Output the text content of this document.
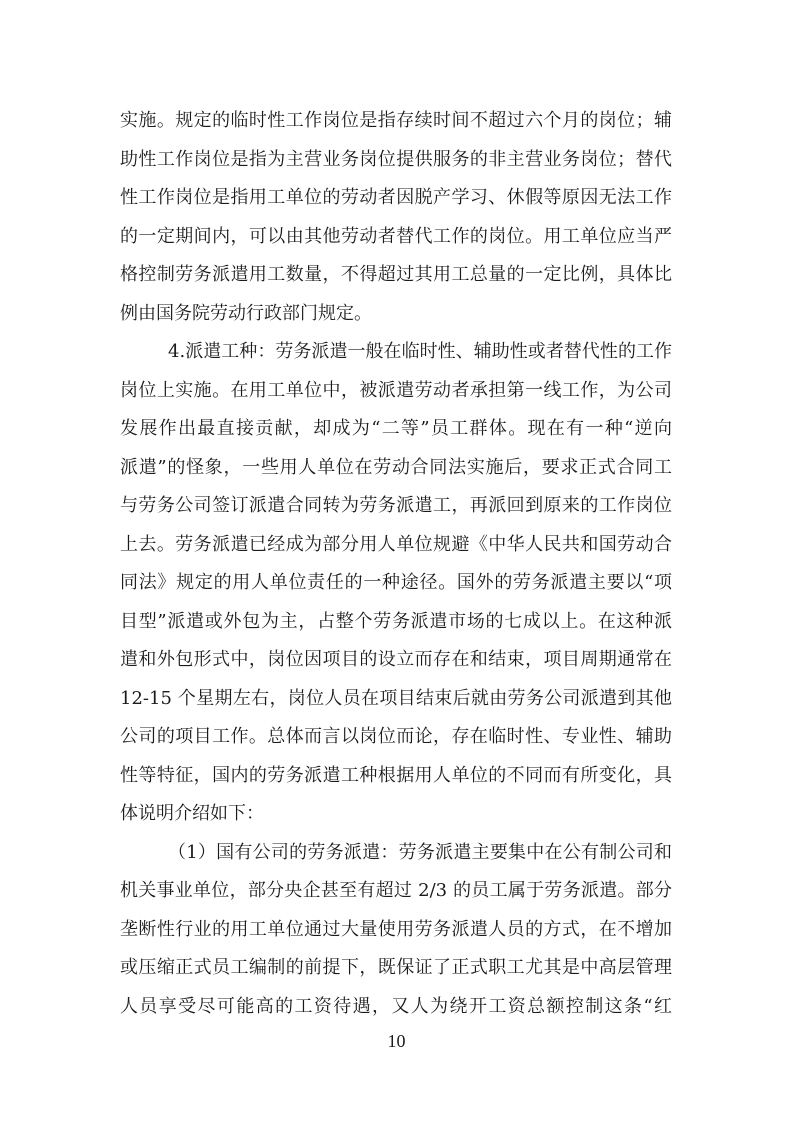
实施。规定的临时性工作岗位是指存续时间不超过六个月的岗位；辅
助性工作岗位是指为主营业务岗位提供服务的非主营业务岗位；替代
性工作岗位是指用工单位的劳动者因脱产学习、休假等原因无法工作
的一定期间内，可以由其他劳动者替代工作的岗位。用工单位应当严
格控制劳务派遣用工数量，不得超过其用工总量的一定比例，具体比
例由国务院劳动行政部门规定。
4.派遣工种：劳务派遣一般在临时性、辅助性或者替代性的工作
岗位上实施。在用工单位中，被派遣劳动者承担第一线工作，为公司
发展作出最直接贡献，却成为“二等”员工群体。现在有一种“逆向
派遣”的怪象，一些用人单位在劳动合同法实施后，要求正式合同工
与劳务公司签订派遣合同转为劳务派遣工，再派回到原来的工作岗位
上去。劳务派遣已经成为部分用人单位规避《中华人民共和国劳动合
同法》规定的用人单位责任的一种途径。国外的劳务派遣主要以“项
目型”派遣或外包为主，占整个劳务派遣市场的七成以上。在这种派
遣和外包形式中，岗位因项目的设立而存在和结束，项目周期通常在
12-15 个星期左右，岗位人员在项目结束后就由劳务公司派遣到其他
公司的项目工作。总体而言以岗位而论，存在临时性、专业性、辅助
性等特征，国内的劳务派遣工种根据用人单位的不同而有所变化，具
体说明介绍如下：
（1）国有公司的劳务派遣：劳务派遣主要集中在公有制公司和
机关事业单位，部分央企甚至有超过 2/3 的员工属于劳务派遣。部分
垄断性行业的用工单位通过大量使用劳务派遣人员的方式，在不增加
或压缩正式员工编制的前提下，既保证了正式职工尤其是中高层管理
人员享受尽可能高的工资待遇，又人为绕开工资总额控制这条“红
10
